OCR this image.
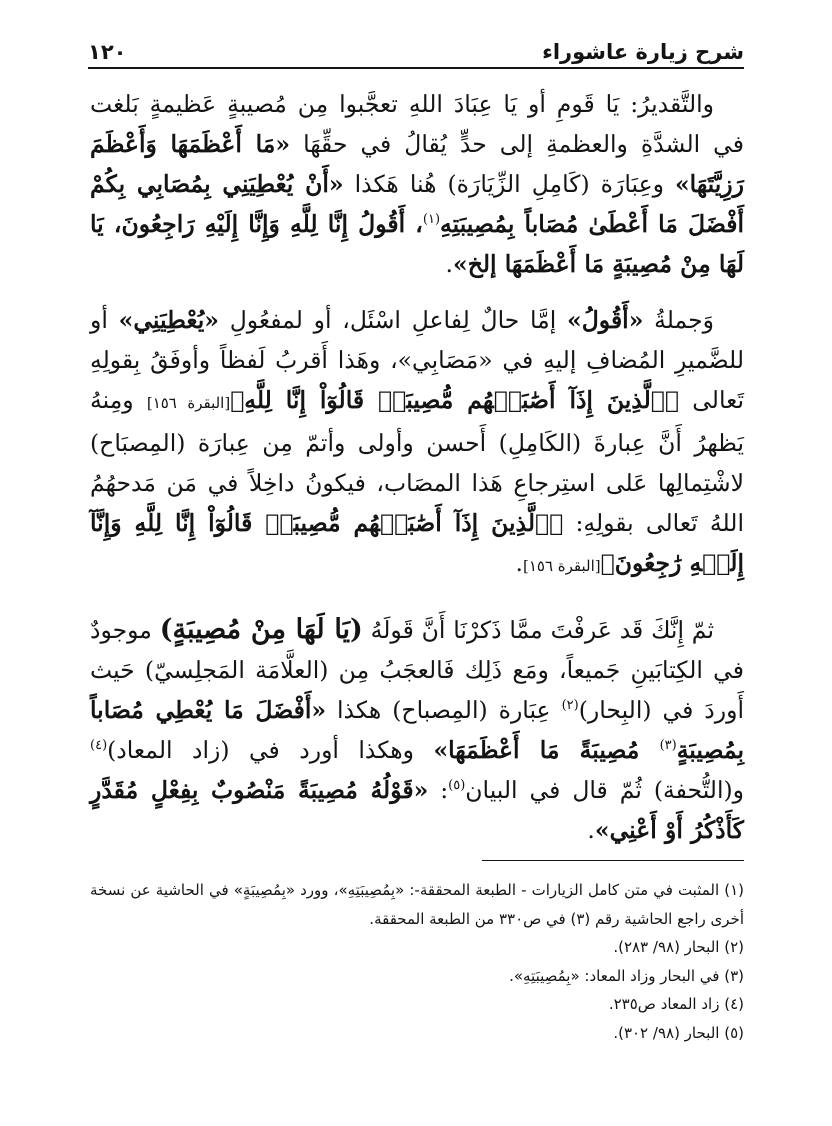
شرح زيارة عاشوراء
١٢٠

والتَّقديرُ: يَا قَومِ أو يَا عِبَادَ اللهِ تعجَّبوا مِن مُصيبةٍ عَظيمةٍ بَلغت في الشدَّةِ والعظمةِ إلى حدٍّ يُقالُ في حقِّهَا «مَا أَعْظَمَهَا وَأَعْظَمَ رَزِيَّتَهَا» وعِبَارَة (كَامِلِ الزِّيَارَة) هُنا هَكذا «أَنْ يُعْطِيَنِي بِمُصَابِي بِكُمْ أَفْضَلَ مَا أَعْطَىٰ مُصَاباً بِمُصِيبَتِهِ$^{(١)}$، أَقُولُ إِنَّا لِلَّهِ وَإِنَّا إِلَيْهِ رَاجِعُونَ، يَا لَهَا مِنْ مُصِيبَةٍ مَا أَعْظَمَهَا إلخ».

وَجملةُ «أَقُولُ» إمَّا حالٌ لِفاعلِ اسْئَل، أو لمفعُولِ «يُعْطِيَنِي» أو للضَّميرِ المُضافِ إليهِ في «مَصَابِي»، وهَذا أَقربُ لَفظاً وأوفَقُ بِقولِهِ تَعالى ﴿ٱلَّذِينَ إِذَآ أَصَٰبَتۡهُم مُّصِيبَةٞ قَالُوٓاْ إِنَّا لِلَّهِ﴾[البقرة ١٥٦] ومِنهُ يَظهرُ أَنَّ عِبارةَ (الكَامِلِ) أَحسن وأولى وأتمّ مِن عِبارَة (المِصبَاح) لاشْتِمالِها عَلى استِرجاعِ هَذا المصَاب، فيكونُ داخِلاً في مَن مَدحهُمُ اللهُ تَعالى بقولِهِ: ﴿ٱلَّذِينَ إِذَآ أَصَٰبَتۡهُم مُّصِيبَةٞ قَالُوٓاْ إِنَّا لِلَّهِ وَإِنَّآ إِلَيۡهِ رَٰجِعُونَ﴾[البقرة ١٥٦].

ثمّ إِنَّكَ قَد عَرفْتَ ممَّا ذَكرْنَا أَنَّ قَولَهُ (يَا لَهَا مِنْ مُصِيبَةٍ) موجودٌ في الكِتابَينِ جَميعاً، ومَع ذَلِك فَالعجَبُ مِن (العلَّامَة المَجلِسيّ) حَيث أَوردَ في (البِحار)$^{(٢)}$ عِبَارة (المِصباح) هكذا «أَفْضَلَ مَا يُعْطِي مُصَاباً بِمُصِيبَةٍ$^{(٣)}$ مُصِيبَةً مَا أَعْظَمَهَا» وهكذا أورد في (زاد المعاد)$^{(٤)}$ و(التُّحفة) ثُمّ قال في البيان$^{(٥)}$: «قَوْلُهُ مُصِيبَةً مَنْصُوبٌ بِفِعْلٍ مُقَدَّرٍ كَأَذْكُرُ أَوْ أَعْنِي».

(١) المثبت في متن كامل الزيارات - الطبعة المحققة-: «بِمُصِيبَتِهِ»، وورد «بِمُصِيبَةٍ» في الحاشية عن نسخة أخرى راجع الحاشية رقم (٣) في ص٣٣٠ من الطبعة المحققة.

(٢) البحار (٩٨/ ٢٨٣).

(٣) في البحار وزاد المعاد: «بِمُصِيبَتِهِ».

(٤) زاد المعاد ص٢٣٥.

(٥) البحار (٩٨/ ٣٠٢).
